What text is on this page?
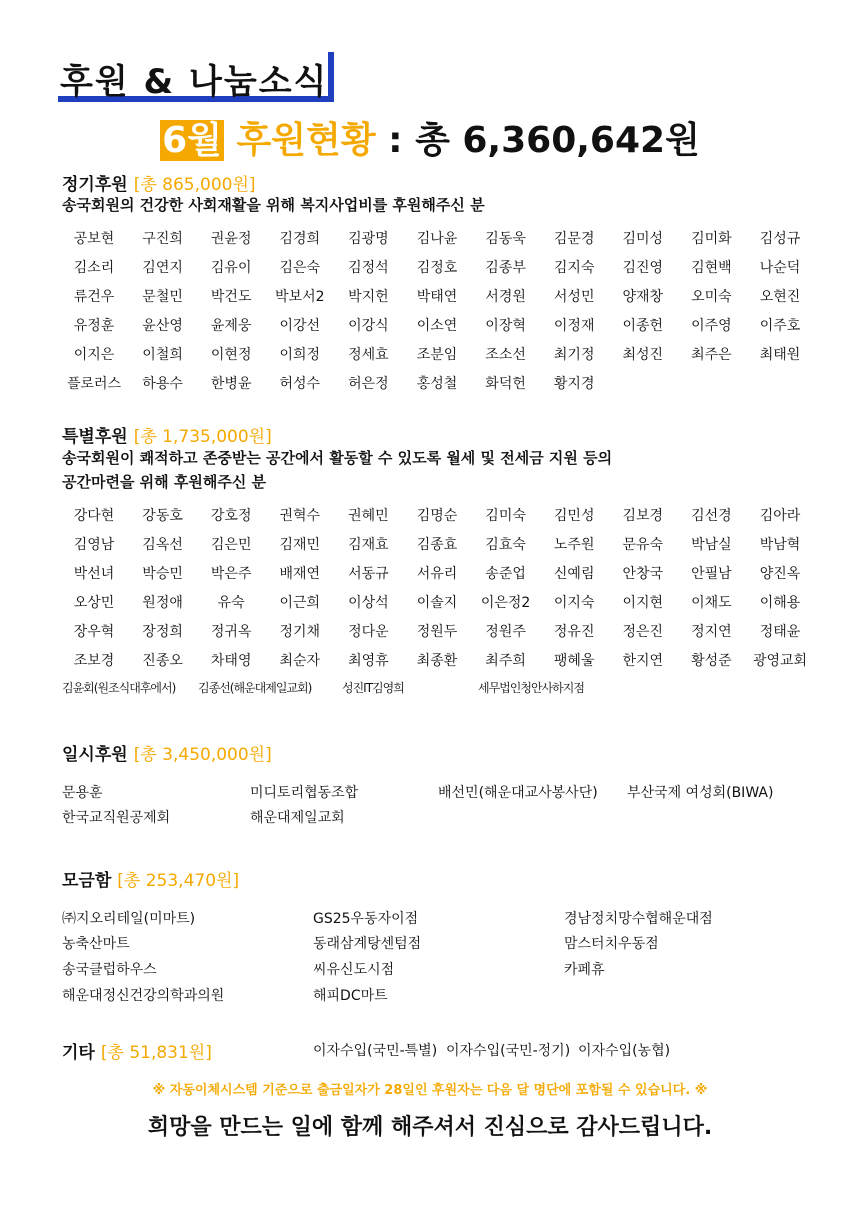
후원 & 나눔소식
6월 후원현황 : 총 6,360,642원
정기후원 [총 865,000원]
송국회원의 건강한 사회재활을 위해 복지사업비를 후원해주신 분
공보현	구진희	권윤정	김경희	김광명	김나윤	김동욱	김문경	김미성	김미화	김성규
김소리	김연지	김유이	김은숙	김정석	김정호	김종부	김지숙	김진영	김현백	나순덕
류건우	문철민	박건도	박보서2	박지헌	박태연	서경원	서성민	양재창	오미숙	오현진
유정훈	윤산영	윤제웅	이강선	이강식	이소연	이장혁	이정재	이종헌	이주영	이주호
이지은	이철희	이현정	이희정	정세효	조분임	조소선	최기정	최성진	최주은	최태원
플로러스	하용수	한병윤	허성수	허은정	홍성철	화덕헌	황지경
특별후원 [총 1,735,000원]
송국회원이 쾌적하고 존중받는 공간에서 활동할 수 있도록 월세 및 전세금 지원 등의
공간마련을 위해 후원해주신 분
강다현	강동호	강호정	권혁수	권혜민	김명순	김미숙	김민성	김보경	김선경	김아라
김영남	김옥선	김은민	김재민	김재효	김종효	김효숙	노주원	문유숙	박남실	박남혁
박선녀	박승민	박은주	배재연	서동규	서유리	송준업	신예림	안창국	안필남	양진옥
오상민	원정애	유숙	이근희	이상석	이솔지	이은정2	이지숙	이지현	이채도	이해용
장우혁	장정희	정귀옥	정기채	정다운	정원두	정원주	정유진	정은진	정지연	정태윤
조보경	진종오	차태영	최순자	최영휴	최종환	최주희	팽혜울	한지연	황성준	광영교회
김윤회(원조식대후에서) 김종선(해운대제일교회)	성진IT김영희	세무법인청안사하지점
일시후원 [총 3,450,000원]
문용훈	미디토리협동조합	배선민(해운대교사봉사단) 부산국제 여성회(BIWA)
한국교직원공제회	해운대제일교회
모금함 [총 253,470원]
㈜지오리테일(미마트)	GS25우동자이점	경남정치망수협해운대점
농축산마트	동래삼계탕센텀점	맘스터치우동점
송국클럽하우스	씨유신도시점	카페휴
해운대정신건강의학과의원	해피DC마트
기타 [총 51,831원]	이자수입(국민-특별) 이자수입(국민-정기) 이자수입(농협)
※ 자동이체시스템 기준으로 출금일자가 28일인 후원자는 다음 달 명단에 포함될 수 있습니다. ※
희망을 만드는 일에 함께 해주셔서 진심으로 감사드립니다.
